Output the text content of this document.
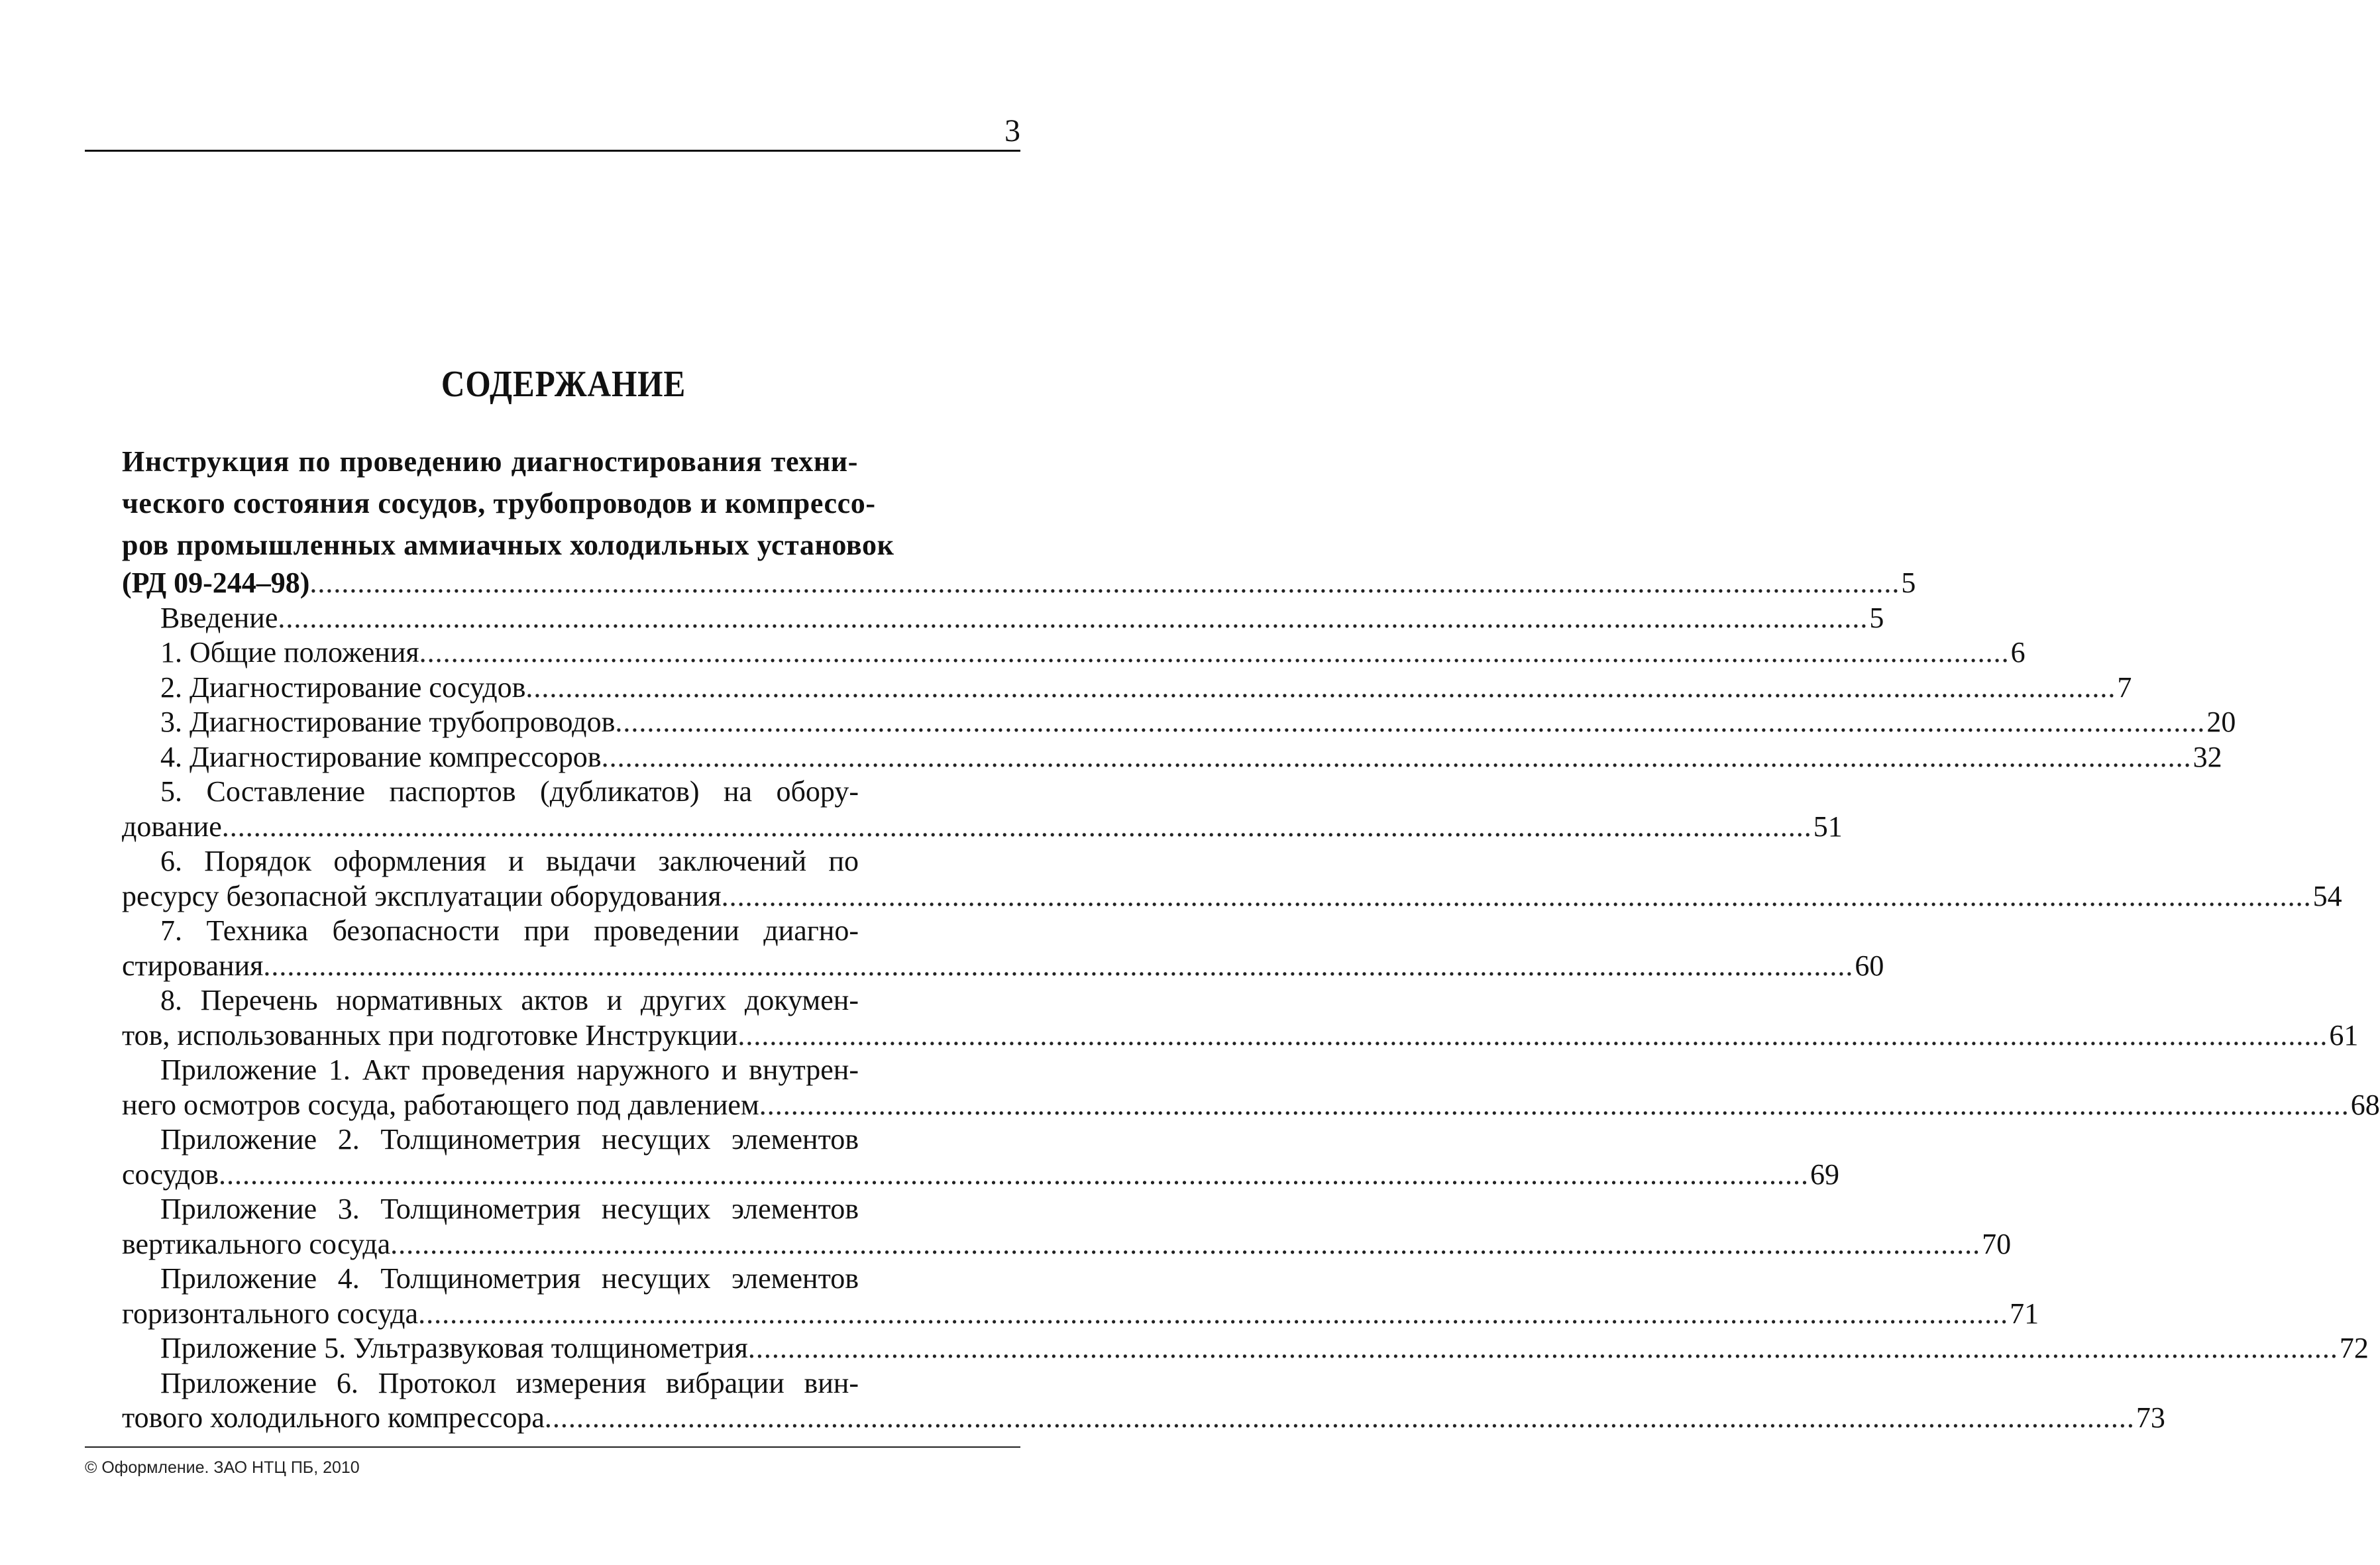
3
СОДЕРЖАНИЕ
Инструкция по проведению диагностирования техни-
ческого состояния сосудов, трубопроводов и компрессо-
ров промышленных аммиачных холодильных установок
(РД 09-244–98) ........................................................................................................................................................................................................ 5
Введение ........................................................................................................................................................................................................ 5
1. Общие положения ........................................................................................................................................................................................................ 6
2. Диагностирование сосудов ........................................................................................................................................................................................................ 7
3. Диагностирование трубопроводов ........................................................................................................................................................................................................ 20
4. Диагностирование компрессоров ........................................................................................................................................................................................................ 32
5. Составление паспортов (дубликатов) на обору-
дование ........................................................................................................................................................................................................ 51
6. Порядок оформления и выдачи заключений по
ресурсу безопасной эксплуатации оборудования ........................................................................................................................................................................................................ 54
7. Техника безопасности при проведении диагно-
стирования ........................................................................................................................................................................................................ 60
8. Перечень нормативных актов и других докумен-
тов, использованных при подготовке Инструкции ........................................................................................................................................................................................................ 61
Приложение 1. Акт проведения наружного и внутрен-
него осмотров сосуда, работающего под давлением ........................................................................................................................................................................................................ 68
Приложение 2. Толщинометрия несущих элементов
сосудов ........................................................................................................................................................................................................ 69
Приложение 3. Толщинометрия несущих элементов
вертикального сосуда ........................................................................................................................................................................................................ 70
Приложение 4. Толщинометрия несущих элементов
горизонтального сосуда ........................................................................................................................................................................................................ 71
Приложение 5. Ультразвуковая толщинометрия ........................................................................................................................................................................................................ 72
Приложение 6. Протокол измерения вибрации вин-
тового холодильного компрессора ........................................................................................................................................................................................................ 73
© Оформление. ЗАО НТЦ ПБ, 2010
